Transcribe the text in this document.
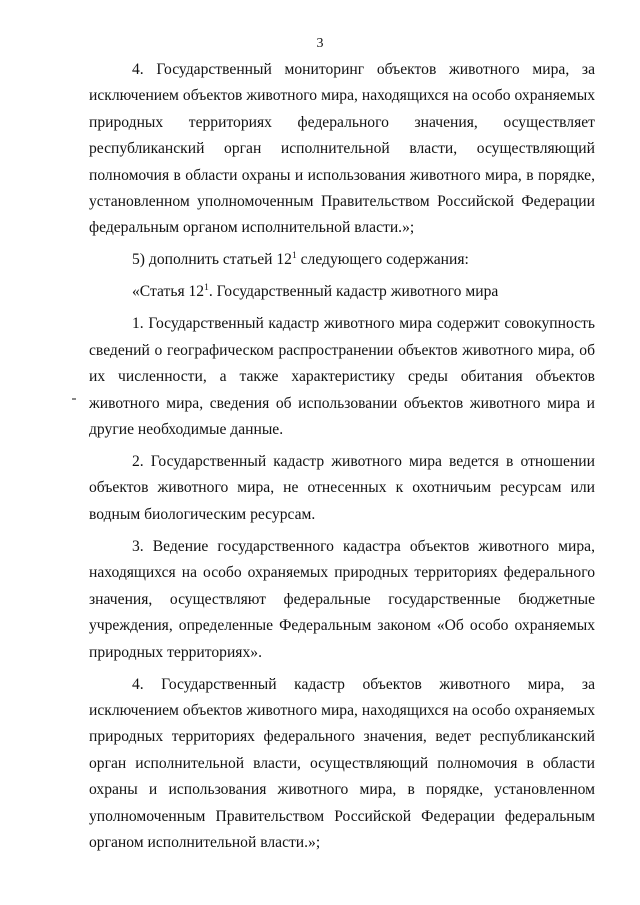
3

4. Государственный мониторинг объектов животного мира, за исключением объектов животного мира, находящихся на особо охраняемых природных территориях федерального значения, осуществляет республиканский орган исполнительной власти, осуществляющий полномочия в области охраны и использования животного мира, в порядке, установленном уполномоченным Правительством Российской Федерации федеральным органом исполнительной власти.»;

5) дополнить статьей $12^1$ следующего содержания:

«Статья $12^1$. Государственный кадастр животного мира

1. Государственный кадастр животного мира содержит совокупность сведений о географическом распространении объектов животного мира, об их численности, а также характеристику среды обитания объектов животного мира, сведения об использовании объектов животного мира и другие необходимые данные.

2. Государственный кадастр животного мира ведется в отношении объектов животного мира, не отнесенных к охотничьим ресурсам или водным биологическим ресурсам.

3. Ведение государственного кадастра объектов животного мира, находящихся на особо охраняемых природных территориях федерального значения, осуществляют федеральные государственные бюджетные учреждения, определенные Федеральным законом «Об особо охраняемых природных территориях».

4. Государственный кадастр объектов животного мира, за исключением объектов животного мира, находящихся на особо охраняемых природных территориях федерального значения, ведет республиканский орган исполнительной власти, осуществляющий полномочия в области охраны и использования животного мира, в порядке, установленном уполномоченным Правительством Российской Федерации федеральным органом исполнительной власти.»;
